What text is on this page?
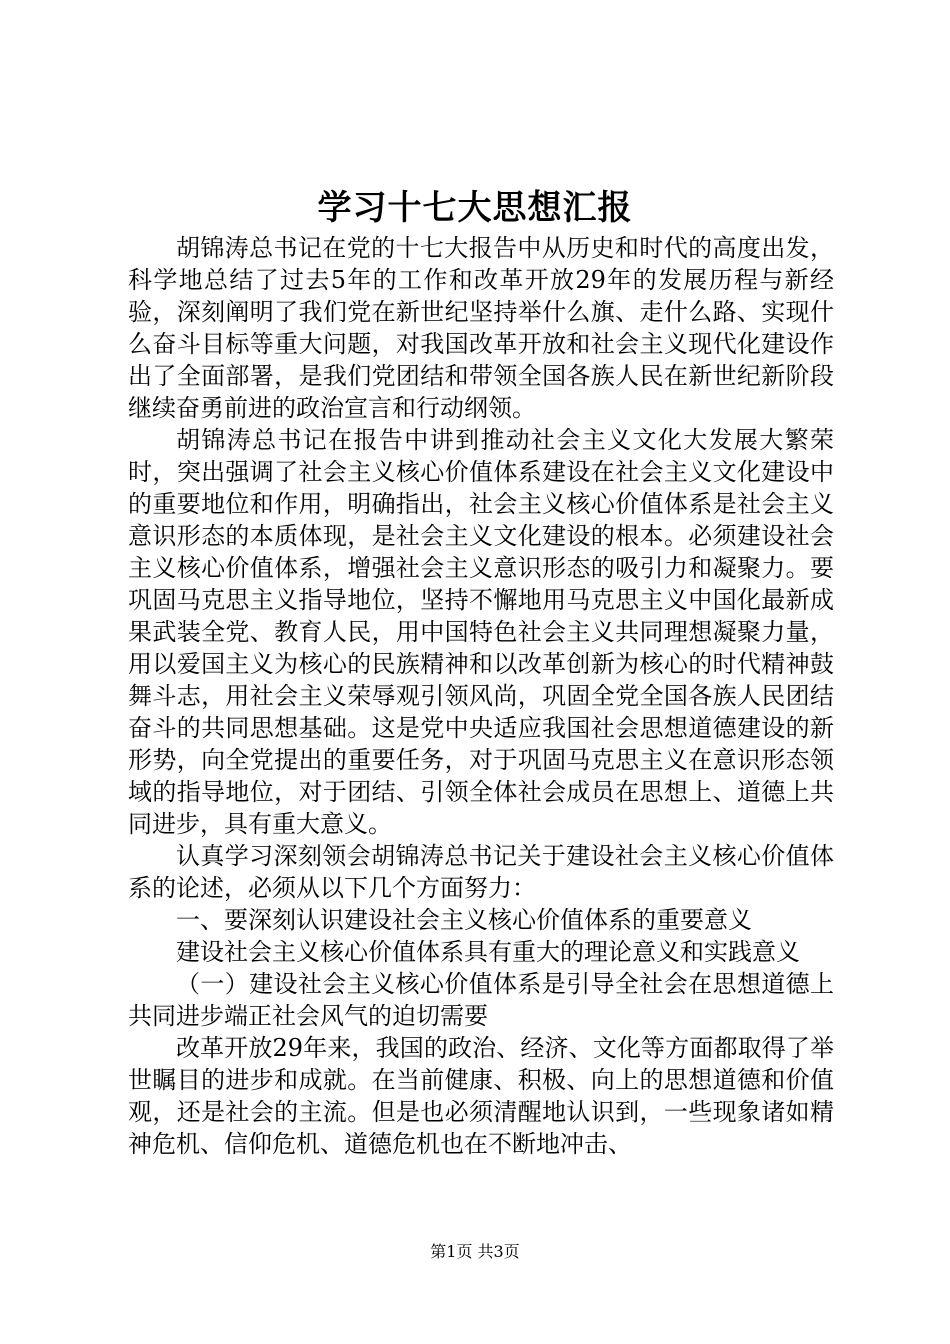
学习十七大思想汇报

胡锦涛总书记在党的十七大报告中从历史和时代的高度出发，科学地总结了过去5年的工作和改革开放29年的发展历程与新经验，深刻阐明了我们党在新世纪坚持举什么旗、走什么路、实现什么奋斗目标等重大问题，对我国改革开放和社会主义现代化建设作出了全面部署，是我们党团结和带领全国各族人民在新世纪新阶段继续奋勇前进的政治宣言和行动纲领。

胡锦涛总书记在报告中讲到推动社会主义文化大发展大繁荣时，突出强调了社会主义核心价值体系建设在社会主义文化建设中的重要地位和作用，明确指出，社会主义核心价值体系是社会主义意识形态的本质体现，是社会主义文化建设的根本。必须建设社会主义核心价值体系，增强社会主义意识形态的吸引力和凝聚力。要巩固马克思主义指导地位，坚持不懈地用马克思主义中国化最新成果武装全党、教育人民，用中国特色社会主义共同理想凝聚力量，用以爱国主义为核心的民族精神和以改革创新为核心的时代精神鼓舞斗志，用社会主义荣辱观引领风尚，巩固全党全国各族人民团结奋斗的共同思想基础。这是党中央适应我国社会思想道德建设的新形势，向全党提出的重要任务，对于巩固马克思主义在意识形态领域的指导地位，对于团结、引领全体社会成员在思想上、道德上共同进步，具有重大意义。

认真学习深刻领会胡锦涛总书记关于建设社会主义核心价值体系的论述，必须从以下几个方面努力：

一、要深刻认识建设社会主义核心价值体系的重要意义

建设社会主义核心价值体系具有重大的理论意义和实践意义

（一）建设社会主义核心价值体系是引导全社会在思想道德上共同进步端正社会风气的迫切需要

改革开放29年来，我国的政治、经济、文化等方面都取得了举世瞩目的进步和成就。在当前健康、积极、向上的思想道德和价值观，还是社会的主流。但是也必须清醒地认识到，一些现象诸如精神危机、信仰危机、道德危机也在不断地冲击、

第1页 共3页
